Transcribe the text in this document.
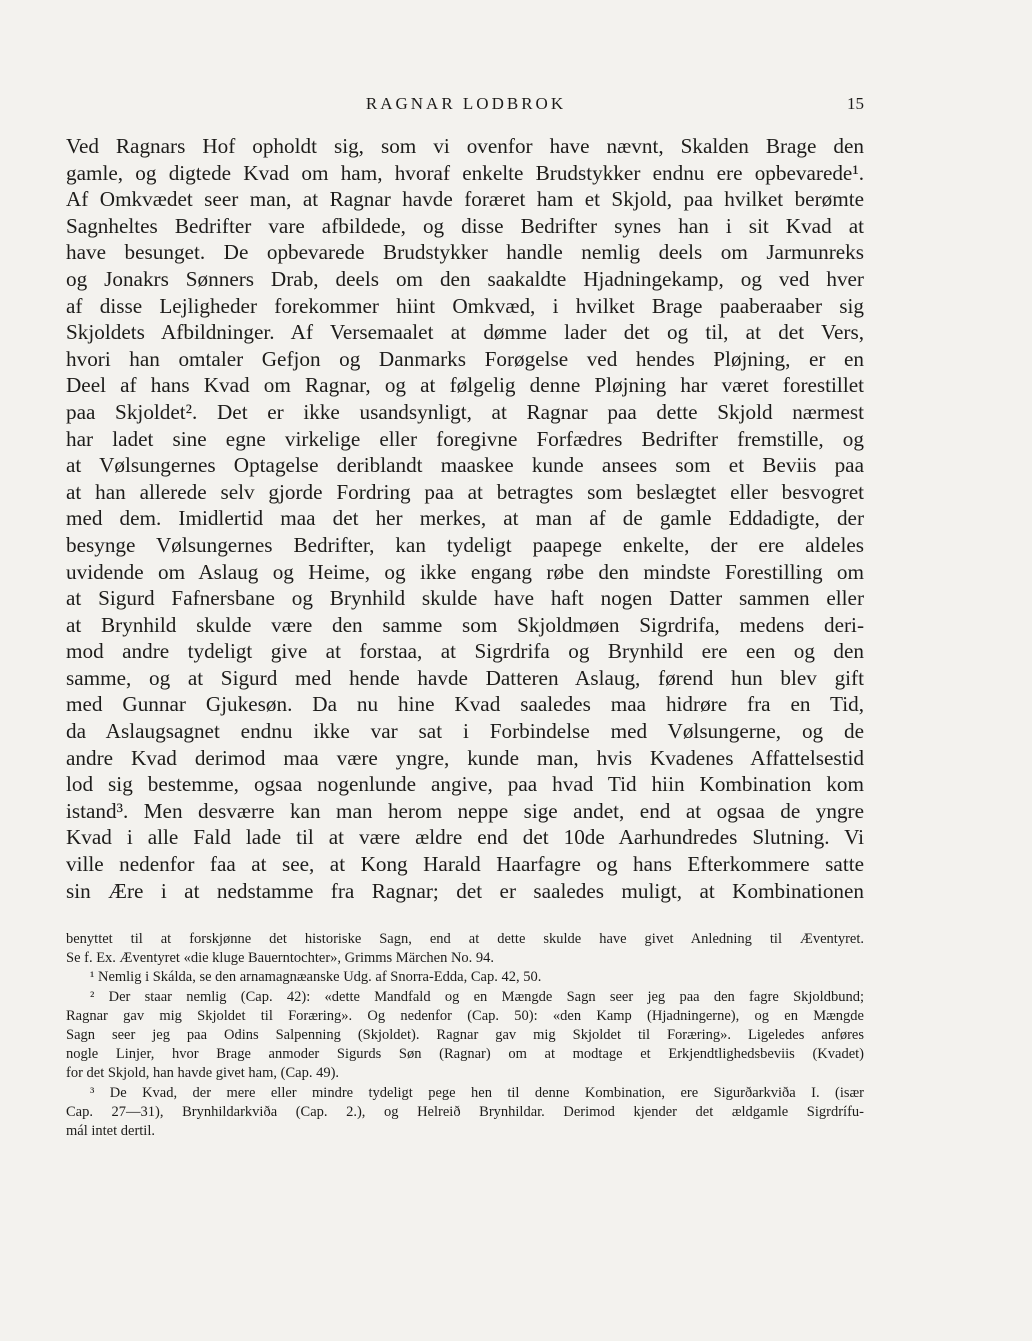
RAGNAR LODBROK	15
Ved Ragnars Hof opholdt sig, som vi ovenfor have nævnt, Skalden Brage den
gamle, og digtede Kvad om ham, hvoraf enkelte Brudstykker endnu ere opbevarede¹.
Af Omkvædet seer man, at Ragnar havde foræret ham et Skjold, paa hvilket berømte
Sagnheltes Bedrifter vare afbildede, og disse Bedrifter synes han i sit Kvad at
have besunget. De opbevarede Brudstykker handle nemlig deels om Jarmunreks
og Jonakrs Sønners Drab, deels om den saakaldte Hjadningekamp, og ved hver
af disse Lejligheder forekommer hiint Omkvæd, i hvilket Brage paaberaaber sig
Skjoldets Afbildninger. Af Versemaalet at dømme lader det og til, at det Vers,
hvori han omtaler Gefjon og Danmarks Forøgelse ved hendes Pløjning, er en
Deel af hans Kvad om Ragnar, og at følgelig denne Pløjning har været forestillet
paa Skjoldet². Det er ikke usandsynligt, at Ragnar paa dette Skjold nærmest
har ladet sine egne virkelige eller foregivne Forfædres Bedrifter fremstille, og
at Vølsungernes Optagelse deriblandt maaskee kunde ansees som et Beviis paa
at han allerede selv gjorde Fordring paa at betragtes som beslægtet eller besvogret
med dem. Imidlertid maa det her merkes, at man af de gamle Eddadigte, der
besynge Vølsungernes Bedrifter, kan tydeligt paapege enkelte, der ere aldeles
uvidende om Aslaug og Heime, og ikke engang røbe den mindste Forestilling om
at Sigurd Fafnersbane og Brynhild skulde have haft nogen Datter sammen eller
at Brynhild skulde være den samme som Skjoldmøen Sigrdrifa, medens deri-
mod andre tydeligt give at forstaa, at Sigrdrifa og Brynhild ere een og den
samme, og at Sigurd med hende havde Datteren Aslaug, førend hun blev gift
med Gunnar Gjukesøn. Da nu hine Kvad saaledes maa hidrøre fra en Tid,
da Aslaugsagnet endnu ikke var sat i Forbindelse med Vølsungerne, og de
andre Kvad derimod maa være yngre, kunde man, hvis Kvadenes Affattelsestid
lod sig bestemme, ogsaa nogenlunde angive, paa hvad Tid hiin Kombination kom
istand³. Men desværre kan man herom neppe sige andet, end at ogsaa de yngre
Kvad i alle Fald lade til at være ældre end det 10de Aarhundredes Slutning. Vi
ville nedenfor faa at see, at Kong Harald Haarfagre og hans Efterkommere satte
sin Ære i at nedstamme fra Ragnar; det er saaledes muligt, at Kombinationen
benyttet til at forskjønne det historiske Sagn, end at dette skulde have givet Anledning til Æventyret.
Se f. Ex. Æventyret «die kluge Bauerntochter», Grimms Märchen No. 94.
¹ Nemlig i Skálda, se den arnamagnæanske Udg. af Snorra-Edda, Cap. 42, 50.
² Der staar nemlig (Cap. 42): «dette Mandfald og en Mængde Sagn seer jeg paa den fagre Skjoldbund;
Ragnar gav mig Skjoldet til Foræring». Og nedenfor (Cap. 50): «den Kamp (Hjadningerne), og en Mængde
Sagn seer jeg paa Odins Salpenning (Skjoldet). Ragnar gav mig Skjoldet til Foræring». Ligeledes anføres
nogle Linjer, hvor Brage anmoder Sigurds Søn (Ragnar) om at modtage et Erkjendtlighedsbeviis (Kvadet)
for det Skjold, han havde givet ham, (Cap. 49).
³ De Kvad, der mere eller mindre tydeligt pege hen til denne Kombination, ere Sigurðarkviða I. (især
Cap. 27—31), Brynhildarkviða (Cap. 2.), og Helreið Brynhildar. Derimod kjender det ældgamle Sigrdrífu-
mál intet dertil.
